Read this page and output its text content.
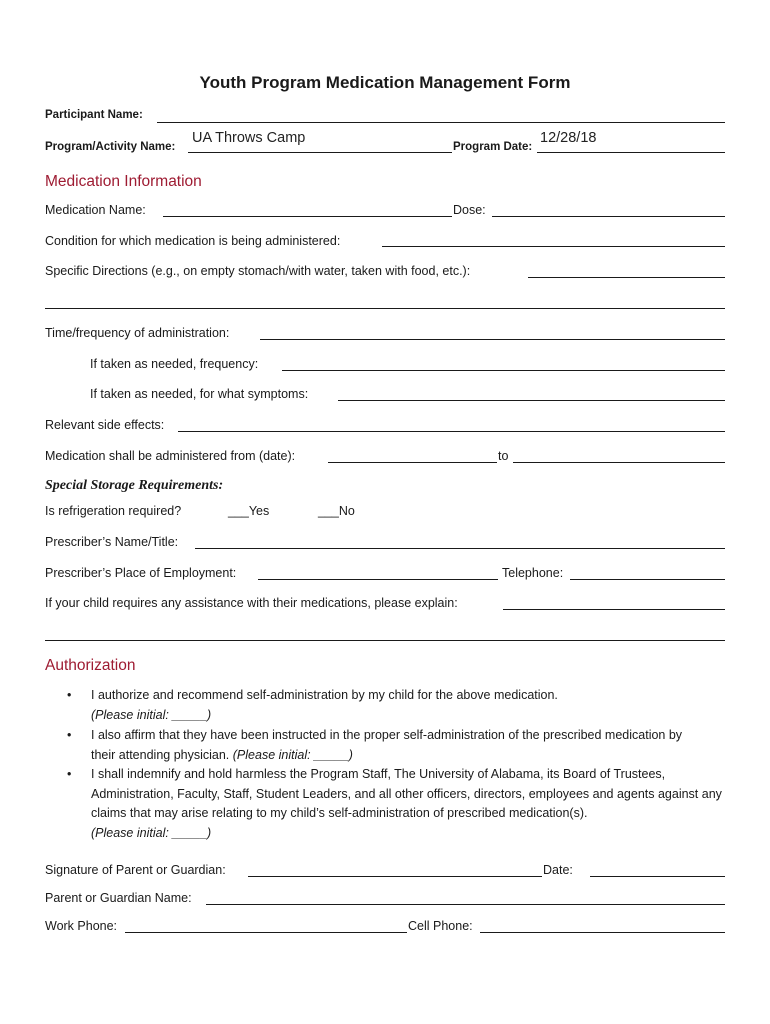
Youth Program Medication Management Form
Participant Name:
Program/Activity Name:
UA Throws Camp
Program Date:
12/28/18
Medication Information
Medication Name:	Dose:
Condition for which medication is being administered:
Specific Directions (e.g., on empty stomach/with water, taken with food, etc.):
Time/frequency of administration:
If taken as needed, frequency:
If taken as needed, for what symptoms:
Relevant side effects:
Medication shall be administered from (date):	to
Special Storage Requirements:
Is refrigeration required?	___Yes	___No
Prescriber’s Name/Title:
Prescriber’s Place of Employment:	Telephone:
If your child requires any assistance with their medications, please explain:
Authorization
• I authorize and recommend self-administration by my child for the above medication.
(Please initial: _____)
• I also affirm that they have been instructed in the proper self-administration of the prescribed medication by their attending physician. (Please initial: _____)
• I shall indemnify and hold harmless the Program Staff, The University of Alabama, its Board of Trustees, Administration, Faculty, Staff, Student Leaders, and all other officers, directors, employees and agents against any claims that may arise relating to my child’s self-administration of prescribed medication(s).
(Please initial: _____)
Signature of Parent or Guardian:	Date:
Parent or Guardian Name:
Work Phone:	Cell Phone:
